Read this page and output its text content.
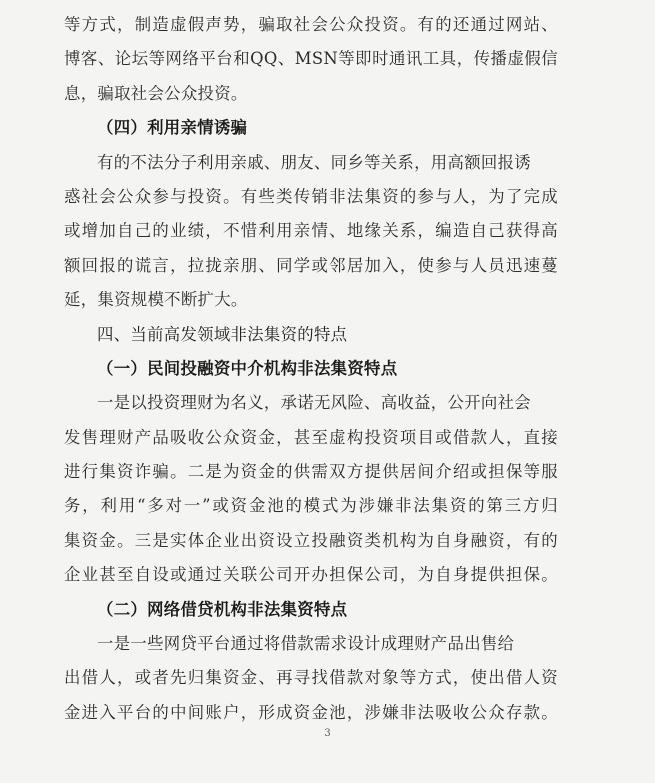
等方式，制造虚假声势，骗取社会公众投资。有的还通过网站、
博客、论坛等网络平台和QQ、MSN等即时通讯工具，传播虚假信
息，骗取社会公众投资。
（四）利用亲情诱骗
有的不法分子利用亲戚、朋友、同乡等关系，用高额回报诱
惑社会公众参与投资。有些类传销非法集资的参与人，为了完成
或增加自己的业绩，不惜利用亲情、地缘关系，编造自己获得高
额回报的谎言，拉拢亲朋、同学或邻居加入，使参与人员迅速蔓
延，集资规模不断扩大。
四、当前高发领域非法集资的特点
（一）民间投融资中介机构非法集资特点
一是以投资理财为名义，承诺无风险、高收益，公开向社会
发售理财产品吸收公众资金，甚至虚构投资项目或借款人，直接
进行集资诈骗。二是为资金的供需双方提供居间介绍或担保等服
务，利用“多对一”或资金池的模式为涉嫌非法集资的第三方归
集资金。三是实体企业出资设立投融资类机构为自身融资，有的
企业甚至自设或通过关联公司开办担保公司，为自身提供担保。
（二）网络借贷机构非法集资特点
一是一些网贷平台通过将借款需求设计成理财产品出售给
出借人，或者先归集资金、再寻找借款对象等方式，使出借人资
金进入平台的中间账户，形成资金池，涉嫌非法吸收公众存款。
3
